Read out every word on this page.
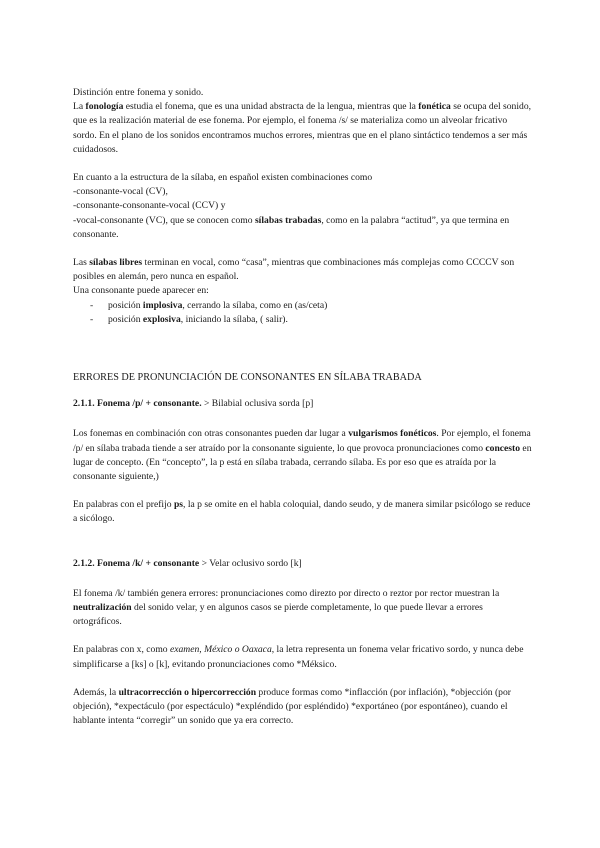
Distinción entre fonema y sonido.

La fonología estudia el fonema, que es una unidad abstracta de la lengua, mientras que la fonética se ocupa del sonido, que es la realización material de ese fonema. Por ejemplo, el fonema /s/ se materializa como un alveolar fricativo sordo. En el plano de los sonidos encontramos muchos errores, mientras que en el plano sintáctico tendemos a ser más cuidadosos.

En cuanto a la estructura de la sílaba, en español existen combinaciones como
-consonante-vocal (CV),
-consonante-consonante-vocal (CCV) y
-vocal-consonante (VC), que se conocen como sílabas trabadas, como en la palabra “actitud”, ya que termina en consonante.

Las sílabas libres terminan en vocal, como “casa”, mientras que combinaciones más complejas como CCCCV son posibles en alemán, pero nunca en español.
Una consonante puede aparecer en:

- posición implosiva, cerrando la sílaba, como en (as/ceta)
- posición explosiva, iniciando la sílaba, ( salir).

ERRORES DE PRONUNCIACIÓN DE CONSONANTES EN SÍLABA TRABADA

2.1.1. Fonema /p/ + consonante. > Bilabial oclusiva sorda [p]

Los fonemas en combinación con otras consonantes pueden dar lugar a vulgarismos fonéticos. Por ejemplo, el fonema /p/ en sílaba trabada tiende a ser atraído por la consonante siguiente, lo que provoca pronunciaciones como concesto en lugar de concepto. (En “concepto”, la p está en sílaba trabada, cerrando sílaba. Es por eso que es atraída por la consonante siguiente,)

En palabras con el prefijo ps, la p se omite en el habla coloquial, dando seudo, y de manera similar psicólogo se reduce a sicólogo.

2.1.2. Fonema /k/ + consonante > Velar oclusivo sordo [k]

El fonema /k/ también genera errores: pronunciaciones como direzto por directo o reztor por rector muestran la neutralización del sonido velar, y en algunos casos se pierde completamente, lo que puede llevar a errores ortográficos.

En palabras con x, como examen, México o Oaxaca, la letra representa un fonema velar fricativo sordo, y nunca debe simplificarse a [ks] o [k], evitando pronunciaciones como *Méksico.

Además, la ultracorrección o hipercorrección produce formas como *inflacción (por inflación), *objección (por objeción), *expectáculo (por espectáculo) *expléndido (por espléndido) *exportáneo (por espontáneo), cuando el hablante intenta “corregir” un sonido que ya era correcto.
